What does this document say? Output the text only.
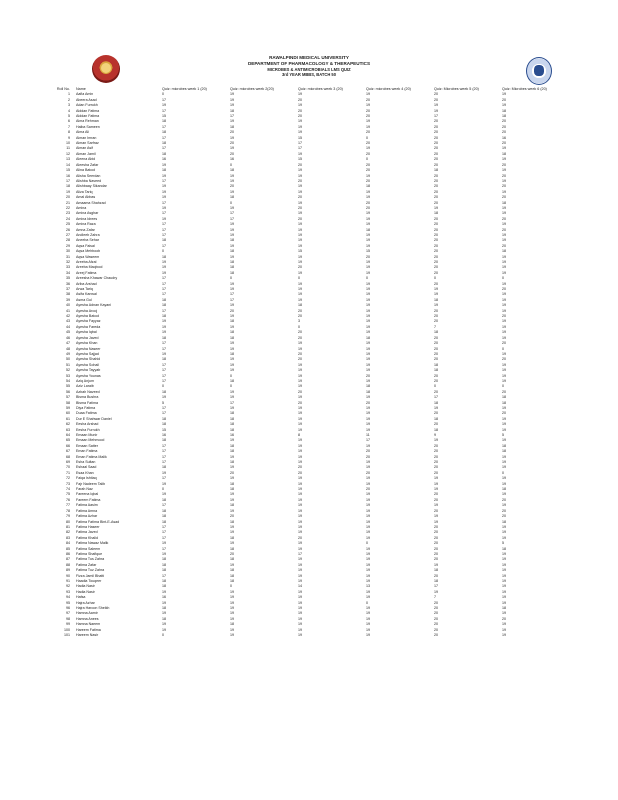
RAWALPINDI MEDICAL UNIVERSITY
DEPARTMENT OF PHARMACOLOGY & THERAPEUTICS
MICROBES & ANTIMICROBIALS LMS QUIZ
3rd YEAR MBBS, BATCH 50
Roll No.	Name	Quiz: microbes week 1 (20)	Quiz: microbes week 2(20)	Quiz: microbes week 3 (20)	Quiz: microbes week 4 (20)	Quiz: Microbes week 5 (20)	Quiz: Microbes week 6 (20)
1	Aafia Amin	0	19	19	19	20	19
2	Abeera Asad	17	19	20	20	20	20
3	Adan Furrukh	19	19	19	19	19	19
4	Aiddan Fatima	17	18	20	20	19	18
5	Aiddan Fatima	15	17	20	20	17	18
6	Aima Rehman	18	19	19	19	20	20
7	Haiba Sameen	17	18	19	19	20	20
8	Aima Ali	18	20	19	20	20	20
9	Aiman Imran	17	19	15	0	20	16
10	Aiman Sarfraz	18	20	17	20	20	20
11	Aiman Asif	17	19	17	19	20	19
12	Aiman Jamil	18	20	19	20	20	18
13	Aleena Abid	16	16	15	0	20	19
14	Aleesha Zafar	19	0	20	20	20	20
15	Alina Batool	18	18	19	20	18	19
16	Alisha Seerdan	19	19	19	19	20	20
17	Alishba Naveed	17	19	20	20	20	19
18	Alishbaay Sikandar	19	20	19	18	20	20
19	Aliza Tariq	19	19	19	19	20	19
20	Amal Abbas	19	18	20	19	20	20
21	Amaama Shahzad	17	0	19	20	20	18
22	Amina	19	19	20	20	19	19
23	Amina Asghar	17	17	19	19	18	19
24	Amina Idrees	19	17	20	19	20	20
25	Amina Raza	17	19	19	19	20	19
26	Amna Zafar	17	19	19	18	20	20
27	Andleeb Zahra	17	19	19	19	20	19
28	Aneeba Sehar	18	18	19	19	20	19
29	Aqsa Faisal	17	19	19	19	20	20
30	Aqsa Mehboob	0	18	15	15	20	18
31	Aqsa Waseem	18	19	19	20	20	19
32	Areeba Afzal	19	18	19	19	20	19
33	Areeba Maqbool	19	18	20	19	20	19
34	Areej Fatima	19	18	19	19	20	19
35	Areesha Khawar Chaudry	17	0	0	0	0	0
36	Ariba Arshad	17	19	19	19	20	19
37	Arwa Tariq	17	19	19	19	19	20
38	Asifa Kanwal	17	17	19	19	19	19
39	Asma Gul	18	17	19	19	18	19
40	Ayesha Adnan Kayani	18	19	18	19	19	19
41	Ayesha Arooj	17	20	20	19	20	19
42	Ayesha Batool	18	19	20	19	20	20
43	Ayesha Fayyaz	19	18	3	19	20	19
44	Ayesha Fareda	19	19	0	19	7	19
45	Ayesha Iqbal	19	18	20	19	18	19
46	Ayesha Javed	18	18	20	18	20	19
47	Ayesha Khan	17	19	19	19	20	20
48	Ayesha Naseer	17	19	19	19	20	0
49	Ayesha Sajjad	19	18	20	19	20	19
50	Ayesha Shahid	18	19	20	19	20	20
51	Ayesha Sohail	17	19	19	19	18	19
52	Ayesha Tayyab	17	19	19	19	18	19
53	Ayesha Younas	17	0	19	20	20	19
54	Aziq Anjum	17	18	19	19	20	19
55	Aziz Laraib	0	0	19	18	0	0
56	Azbah Naveed	18	19	20	18	20	20
57	Bisma Bushra	19	19	19	19	17	18
58	Bisma Fatima	5	17	20	20	18	18
59	Diya Fatima	17	19	19	19	19	19
60	Duaa Fatima	17	18	19	19	20	20
61	Dur E Shahwar Daniel	18	18	19	19	18	19
62	Eesha Arshad	18	18	19	19	20	19
63	Eesha Furrukh	15	18	19	19	18	19
64	Emaan Munir	16	16	8	11	9	5
65	Emaan Mehmood	18	19	19	17	19	19
66	Emaan Satter	17	18	19	19	20	18
67	Eman Fatima	17	18	19	20	20	18
68	Eman Fatima Malik	17	19	19	20	20	19
69	Esha Sultan	17	18	19	19	20	19
70	Eshaal Saad	18	19	20	19	20	19
71	Esaa Khan	19	20	20	20	20	0
72	Faiqa Ishtiaq	17	19	19	19	19	19
73	Fajr Nadeem Talib	19	18	19	19	19	19
74	Farah Naz	0	18	19	20	19	18
75	Fareena Iqbal	19	19	19	19	20	19
76	Fareem Fatima	18	19	19	19	20	20
77	Fatima Aasim	17	18	19	19	19	19
78	Fatima Amna	18	19	19	19	20	20
79	Fatima Azhar	18	20	19	19	19	20
80	Fatima Fatima Bint-E-Asad	18	18	19	19	19	18
81	Fatima Haseer	17	19	19	19	20	19
82	Fatima Javed	17	19	19	19	20	19
83	Fatima Khalid	17	18	20	19	20	19
84	Fatima Nawaz Malik	19	19	19	0	20	5
85	Fatima Saleem	17	18	19	19	20	18
86	Fatima Shafique	19	20	17	19	20	19
87	Fatima Tus Zahra	18	18	19	19	20	19
88	Fatima Zafar	18	19	19	19	19	19
89	Fatima Tuz Zahra	18	18	19	19	18	19
90	Fizza Jamil Bhatti	17	18	19	19	20	19
91	Haadia Touqeer	18	18	19	19	18	19
92	Hadia Nasir	18	0	14	13	17	19
93	Hadia Nasir	19	19	19	19	19	19
94	Hafsa	16	19	19	19	7	19
95	Hajra Azhar	19	19	19	0	20	19
96	Hajra Haroon Sheikh	18	19	19	19	20	18
97	Hamna Aamir	19	19	19	19	20	19
98	Hamna Anees	18	19	19	19	20	20
99	Hamna Naeem	19	18	19	19	20	19
100	Hareem Fatima	19	19	19	19	20	19
101	Hareem Nasir	0	19	19	19	20	19
